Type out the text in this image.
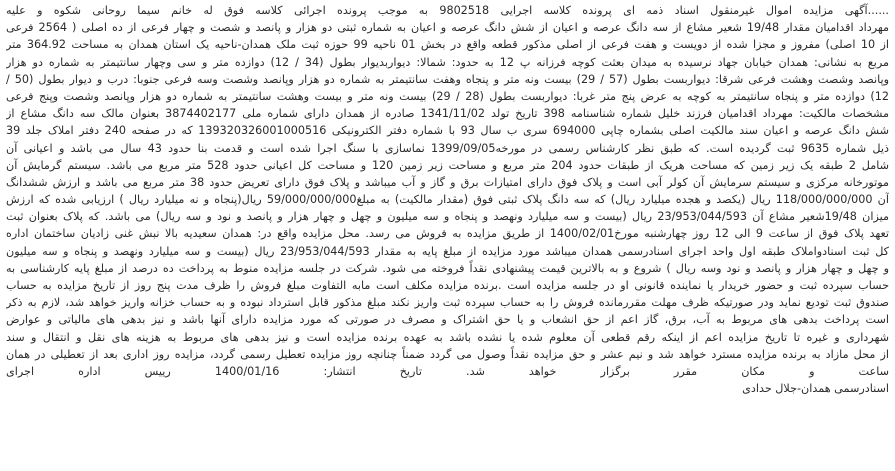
......آگهی مزایده اموال غیرمنقول اسناد ذمه ای پرونده کلاسه اجرایی 9802518 به موجب پرونده اجرائی کلاسه فوق له خانم سیما روحانی شکوه و علیه
مهرداد اقدامیان مقدار 19/48 شعیر مشاع از سه دانگ عرصه و اعیان از شش دانگ عرصه و اعیان به شماره ثبتی دو هزار و پانصد و شصت و چهار فرعی از ده اصلی ( 2564 فرعی
از 10 اصلی) مفروز و مجزا شده از دویست و هفت فرعی از اصلی مذکور قطعه واقع در بخش 01 ناحیه 99 حوزه ثبت ملک همدان-ناحیه یک استان همدان به مساحت 364.92 متر
مربع به نشانی: همدان خیابان جهاد نرسیده به میدان بعثت کوچه فرزانه پ 12 به حدود: شمالا: دیواربدیوار بطول (34 / 12) دوازده متر و سی وچهار سانتیمتر به شماره دو هزار
وپانصد وشصت وهشت فرعی شرقا: دیواربست بطول (57 / 29) بیست ونه متر و پنجاه وهفت سانتیمتر به شماره دو هزار وپانصد وشصت وسه فرعی جنوبا: درب و دیوار بطول (50 /
12) دوازده متر و پنجاه سانتیمتر به کوچه به عرض پنج متر غربا: دیواربست بطول (28 / 29) بیست ونه متر و بیست وهشت سانتیمتر به شماره دو هزار وپانصد وشصت وپنج فرعی
مشخصات مالکیت: مهرداد اقدامیان فرزند خلیل شماره شناسنامه 398 تاریخ تولد 1341/11/02 صادره از همدان دارای شماره ملی 3874402177 بعنوان مالک سه دانگ مشاع از
شش دانگ عرصه و اعیان سند مالکیت اصلی بشماره چاپی 694000 سری ب سال 93 با شماره دفتر الکترونیکی 139320326001000516 که در صفحه 240 دفتر املاک جلد 39
ذیل شماره 9635 ثبت گردیده است. که طبق نظر کارشناس رسمی در مورخه1399/09/05 نماسازی با سنگ اجرا شده است و قدمت بنا حدود 43 سال می باشد و اعیانی آن
شامل 2 طبقه یک زیر زمین که مساحت هریک از طبقات حدود 204 متر مربع و مساحت زیر زمین 120 و مساحت کل اعیانی حدود 528 متر مربع می باشد. سیستم گرمایش آن
موتورخانه مرکزی و سیستم سرمایش آن کولر آبی است و پلاک فوق دارای امتیازات برق و گاز و آب میباشد و پلاک فوق دارای تعریض حدود 38 متر مربع می باشد و ارزش ششدانگ
آن 118/000/000/000 ریال (یکصد و هجده میلیارد ریال) که سه دانگ پلاک ثبتی فوق (مقدار مالکیت) به مبلغ59/000/000/000 ریال(پنجاه و نه میلیارد ریال ) ارزیابی شده که ارزش
میزان 19/48شعیر مشاع آن 23/953/044/593 ریال (بیست و سه میلیارد ونهصد و پنجاه و سه میلیون و چهل و چهار هزار و پانصد و نود و سه ریال) می باشد. که پلاک بعنوان ثبت
تعهد پلاک فوق از ساعت 9 الی 12 روز چهارشنبه مورخ1400/02/01 از طریق مزایده به فروش می رسد. محل مزایده واقع در: همدان سعیدیه بالا نبش غنی زادیان ساختمان اداره
کل ثبت اسنادواملاک طبقه اول واحد اجرای اسنادرسمی همدان میباشد مورد مزایده از مبلغ پایه به مقدار 23/953/044/593 ریال (بیست و سه میلیارد ونهصد و پنجاه و سه میلیون
و چهل و چهار هزار و پانصد و نود وسه ریال ) شروع و به بالاترین قیمت پیشنهادی نقداً فروخته می شود. شرکت در جلسه مزایده منوط به پرداخت ده درصد از مبلغ پایه کارشناسی به
حساب سپرده ثبت و حضور خریدار یا نماینده قانونی او در جلسه مزایده است .برنده مزایده مکلف است مابه التفاوت مبلغ فروش را ظرف مدت پنج روز از تاریخ مزایده به حساب
صندوق ثبت تودیع نماید ودر صورتیکه ظرف مهلت مقررمانده فروش را به حساب سپرده ثبت واریز نکند مبلغ مذکور قابل استرداد نبوده و به حساب خزانه واریز خواهد شد، لازم به ذکر
است پرداخت بدهی های مربوط به آب، برق، گاز اعم از حق انشعاب و یا حق اشتراک و مصرف در صورتی که مورد مزایده دارای آنها باشد و نیز بدهی های مالیاتی و عوارض
شهرداری و غیره تا تاریخ مزایده اعم از اینکه رقم قطعی آن معلوم شده یا نشده باشد به عهده برنده مزایده است و نیز بدهی های مربوط به هزینه های نقل و انتقال و سند
از محل مازاد به برنده مزایده مسترد خواهد شد و نیم عشر و حق مزایده نقداً وصول می گردد ضمناً چنانچه روز مزایده تعطیل رسمی گردد، مزایده روز اداری بعد از تعطیلی در همان
ساعت و مکان مقرر برگزار خواهد شد. تاریخ انتشار: 1400/01/16 رییس اداره اجرای
اسنادرسمی همدان-جلال حدادی
